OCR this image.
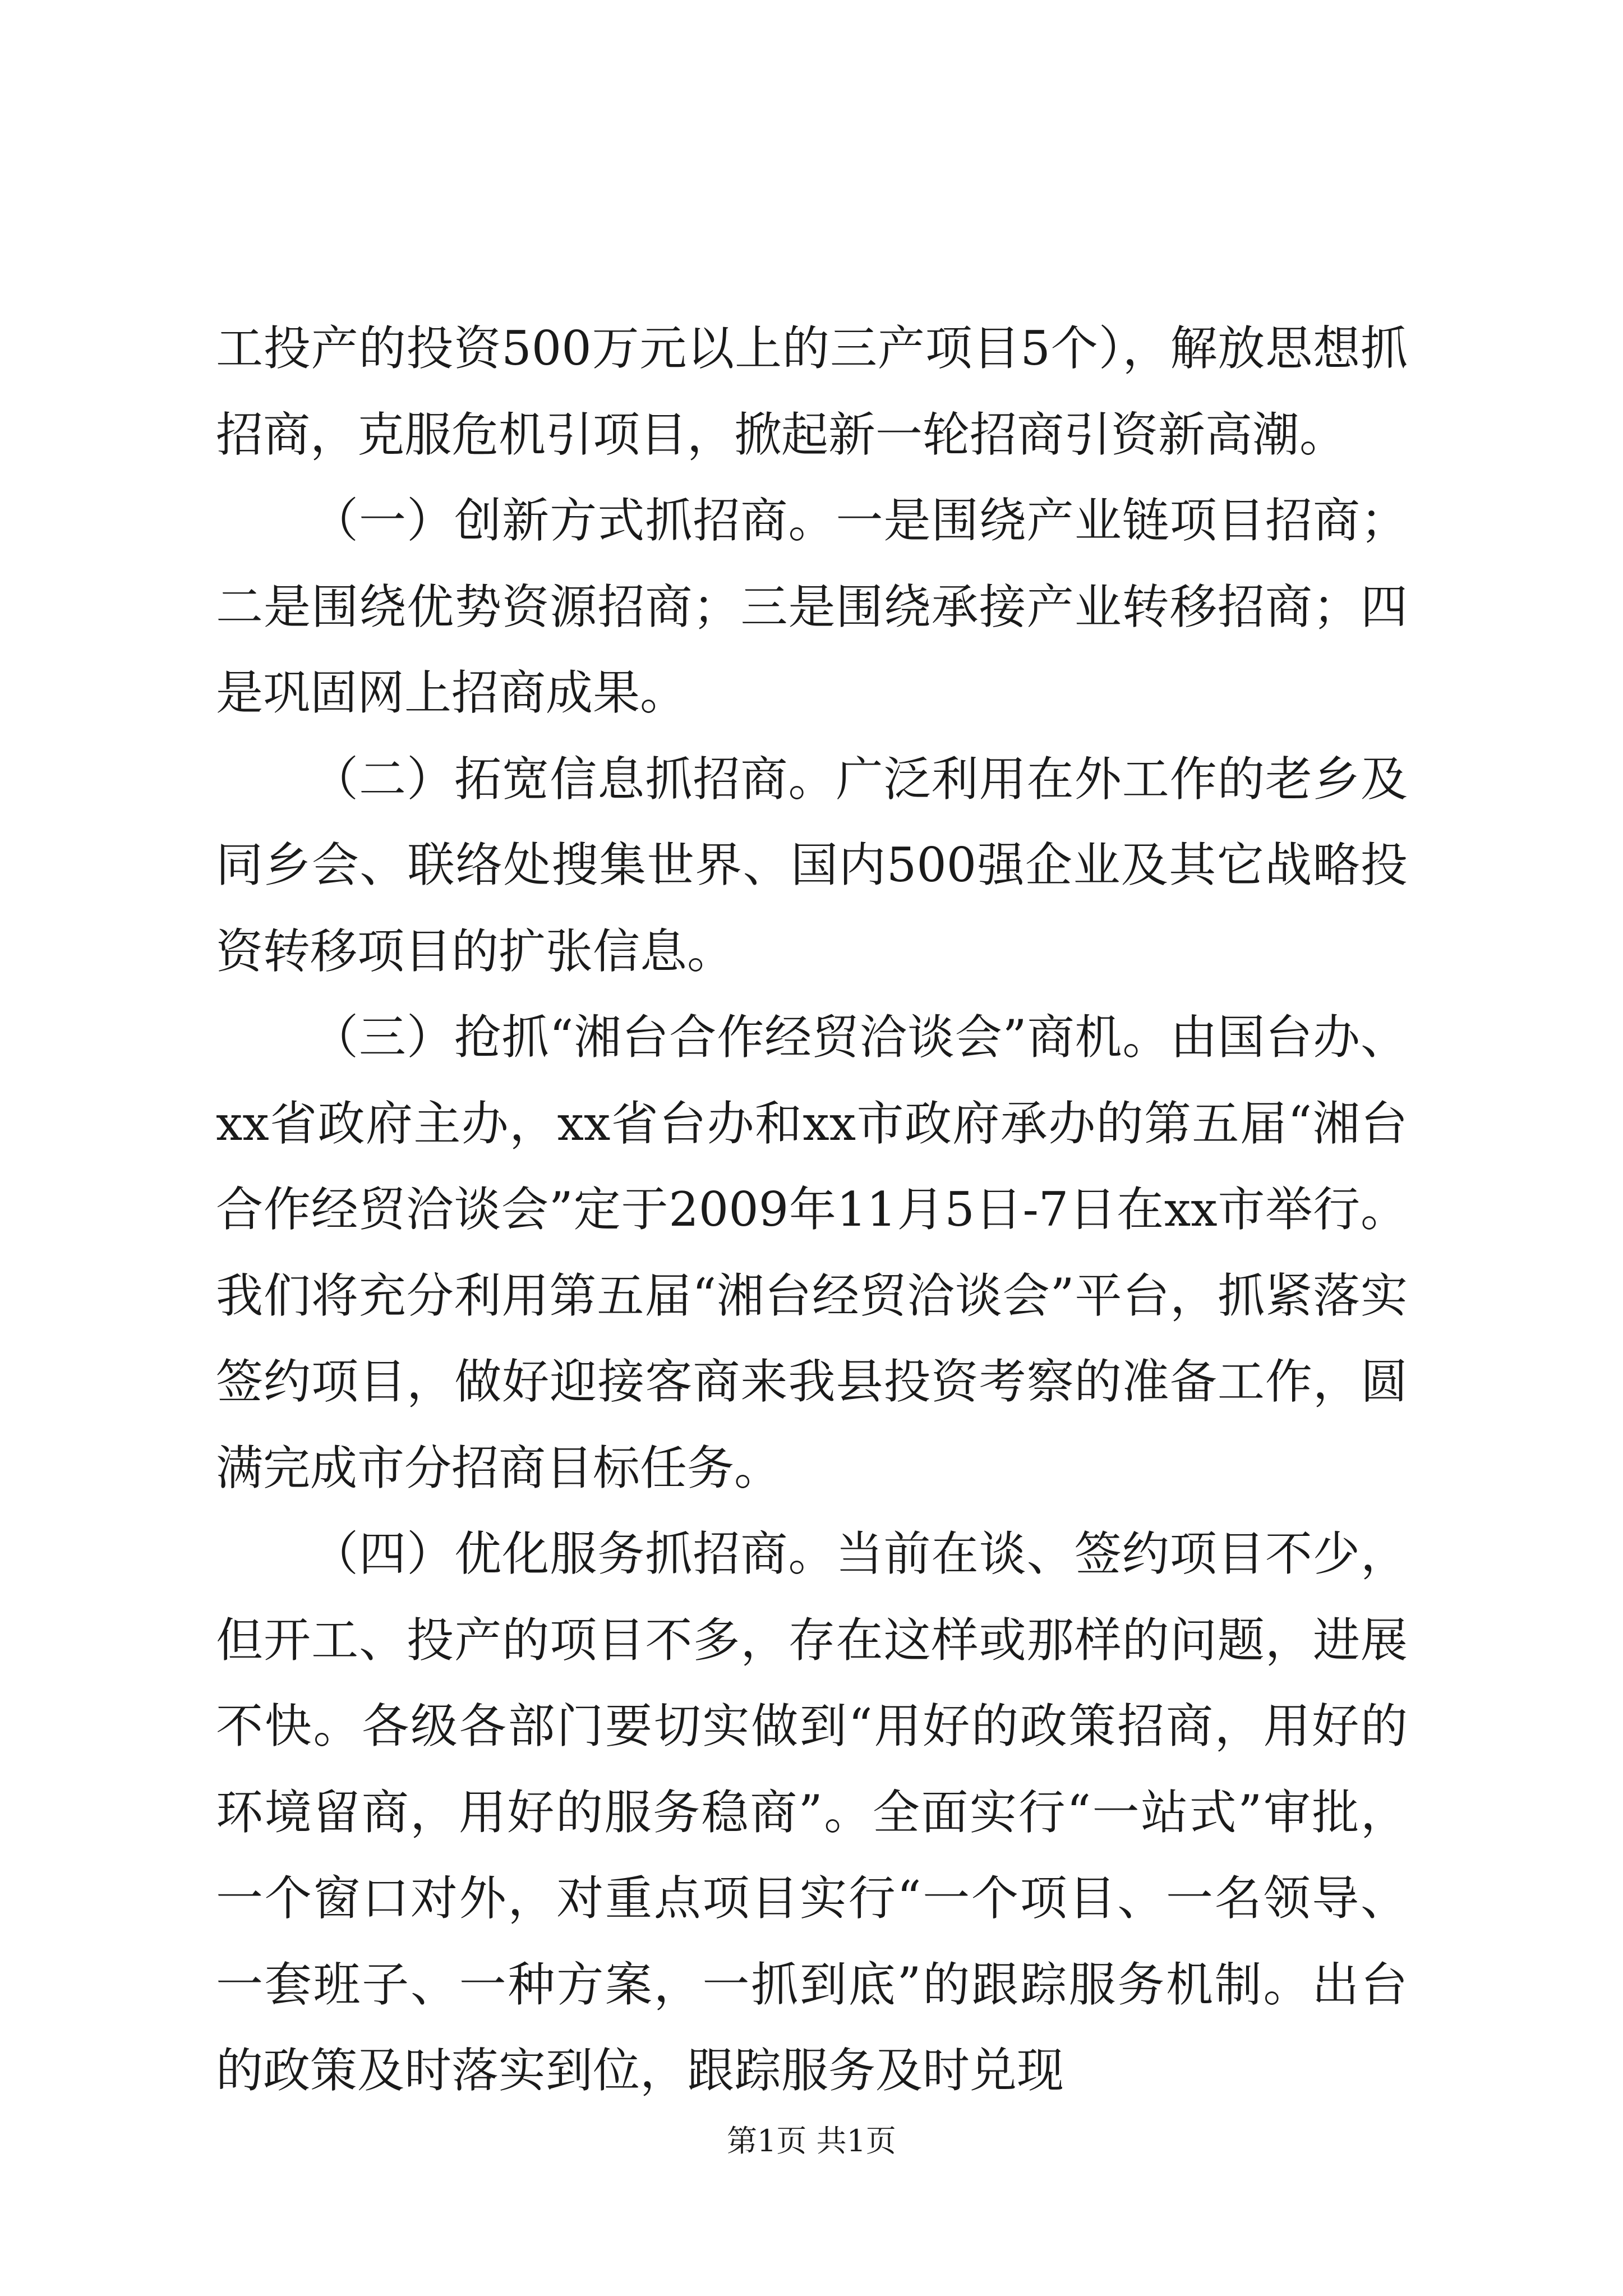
工投产的投资500万元以上的三产项目5个），解放思想抓招商，克服危机引项目，掀起新一轮招商引资新高潮。

（一）创新方式抓招商。一是围绕产业链项目招商；二是围绕优势资源招商；三是围绕承接产业转移招商；四是巩固网上招商成果。

（二）拓宽信息抓招商。广泛利用在外工作的老乡及同乡会、联络处搜集世界、国内500强企业及其它战略投资转移项目的扩张信息。

（三）抢抓“湘台合作经贸洽谈会”商机。由国台办、xx省政府主办，xx省台办和xx市政府承办的第五届“湘台合作经贸洽谈会”定于2009年11月5日-7日在xx市举行。我们将充分利用第五届“湘台经贸洽谈会”平台，抓紧落实签约项目，做好迎接客商来我县投资考察的准备工作，圆满完成市分招商目标任务。

（四）优化服务抓招商。当前在谈、签约项目不少，但开工、投产的项目不多，存在这样或那样的问题，进展不快。各级各部门要切实做到“用好的政策招商，用好的环境留商，用好的服务稳商”。全面实行“一站式”审批，一个窗口对外，对重点项目实行“一个项目、一名领导、一套班子、一种方案，一抓到底”的跟踪服务机制。出台的政策及时落实到位，跟踪服务及时兑现

第1页 共1页
